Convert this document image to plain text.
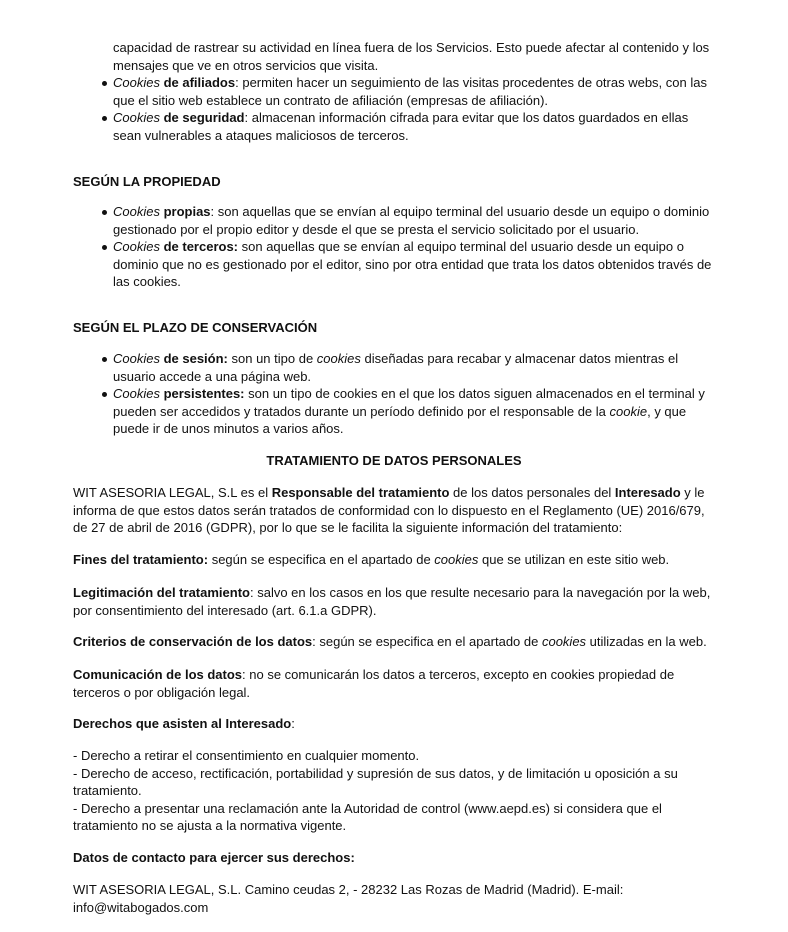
capacidad de rastrear su actividad en línea fuera de los Servicios. Esto puede afectar al contenido y los mensajes que ve en otros servicios que visita.

Cookies de afiliados: permiten hacer un seguimiento de las visitas procedentes de otras webs, con las que el sitio web establece un contrato de afiliación (empresas de afiliación).
Cookies de seguridad: almacenan información cifrada para evitar que los datos guardados en ellas sean vulnerables a ataques maliciosos de terceros.
SEGÚN LA PROPIEDAD
Cookies propias: son aquellas que se envían al equipo terminal del usuario desde un equipo o dominio gestionado por el propio editor y desde el que se presta el servicio solicitado por el usuario.
Cookies de terceros: son aquellas que se envían al equipo terminal del usuario desde un equipo o dominio que no es gestionado por el editor, sino por otra entidad que trata los datos obtenidos través de las cookies.
SEGÚN EL PLAZO DE CONSERVACIÓN
Cookies de sesión: son un tipo de cookies diseñadas para recabar y almacenar datos mientras el usuario accede a una página web.
Cookies persistentes: son un tipo de cookies en el que los datos siguen almacenados en el terminal y pueden ser accedidos y tratados durante un período definido por el responsable de la cookie, y que puede ir de unos minutos a varios años.
TRATAMIENTO DE DATOS PERSONALES

WIT ASESORIA LEGAL, S.L es el Responsable del tratamiento de los datos personales del Interesado y le informa de que estos datos serán tratados de conformidad con lo dispuesto en el Reglamento (UE) 2016/679, de 27 de abril de 2016 (GDPR), por lo que se le facilita la siguiente información del tratamiento:

Fines del tratamiento: según se especifica en el apartado de cookies que se utilizan en este sitio web.

Legitimación del tratamiento: salvo en los casos en los que resulte necesario para la navegación por la web, por consentimiento del interesado (art. 6.1.a GDPR).

Criterios de conservación de los datos: según se especifica en el apartado de cookies utilizadas en la web.

Comunicación de los datos: no se comunicarán los datos a terceros, excepto en cookies propiedad de terceros o por obligación legal.

Derechos que asisten al Interesado:

- Derecho a retirar el consentimiento en cualquier momento.
- Derecho de acceso, rectificación, portabilidad y supresión de sus datos, y de limitación u oposición a su tratamiento.
- Derecho a presentar una reclamación ante la Autoridad de control (www.aepd.es) si considera que el tratamiento no se ajusta a la normativa vigente.

Datos de contacto para ejercer sus derechos:

WIT ASESORIA LEGAL, S.L. Camino ceudas 2, - 28232 Las Rozas de Madrid (Madrid). E-mail: info@witabogados.com
